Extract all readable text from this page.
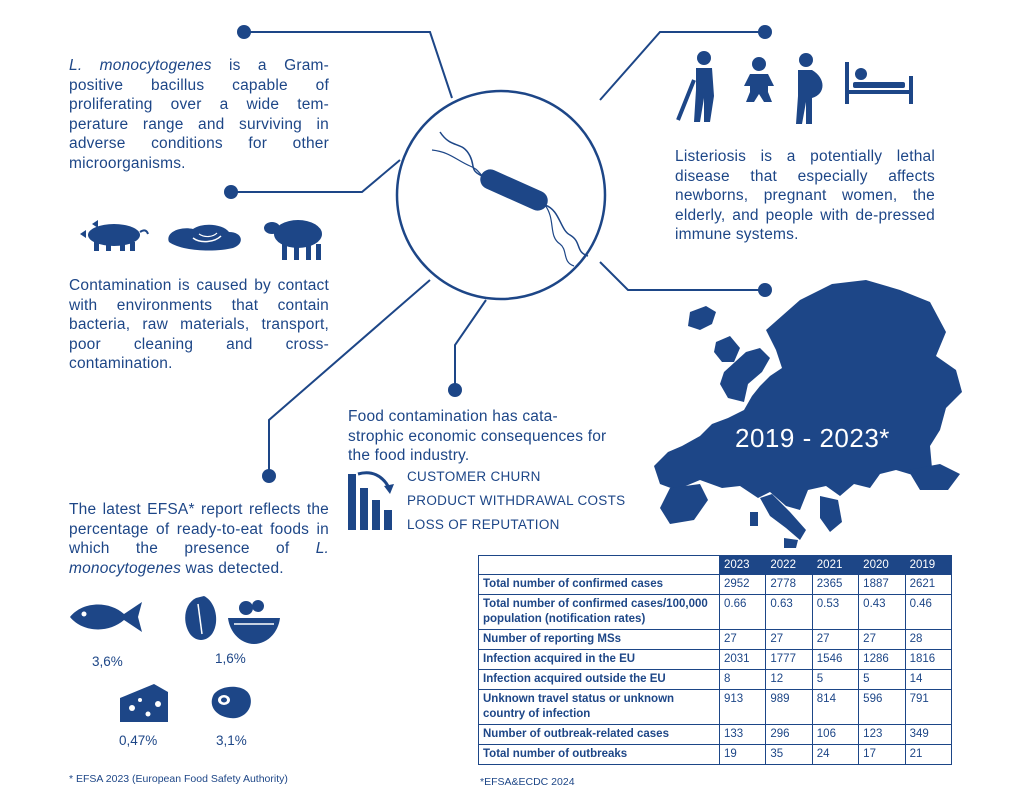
2019 - 2023*
L. monocytogenes is a Gram-positive bacillus capable of proliferating over a wide tem-perature range and surviving in adverse conditions for other microorganisms.
Contamination is caused by contact with environments that contain bacteria, raw materials, transport, poor cleaning and cross-contamination.
Listeriosis is a potentially lethal disease that especially affects newborns, pregnant women, the elderly, and people with de-pressed immune systems.
Food contamination has cata-strophic economic consequences for the food industry.
CUSTOMER CHURN
PRODUCT WITHDRAWAL COSTS
LOSS OF REPUTATION
The latest EFSA* report reflects the percentage of ready-to-eat foods in which the presence of L. monocytogenes was detected.
3,6%	1,6%
0,47%	3,1%
* EFSA 2023 (European Food Safety Authority)	*EFSA&ECDC 2024
	2023	2022	2021	2020	2019
Total number of confirmed cases	2952	2778	2365	1887	2621
Total number of confirmed cases/100,000 population (notification rates)	0.66	0.63	0.53	0.43	0.46
Number of reporting MSs	27	27	27	27	28
Infection acquired in the EU	2031	1777	1546	1286	1816
Infection acquired outside the EU	8	12	5	5	14
Unknown travel status or unknown country of infection	913	989	814	596	791
Number of outbreak-related cases	133	296	106	123	349
Total number of outbreaks	19	35	24	17	21
